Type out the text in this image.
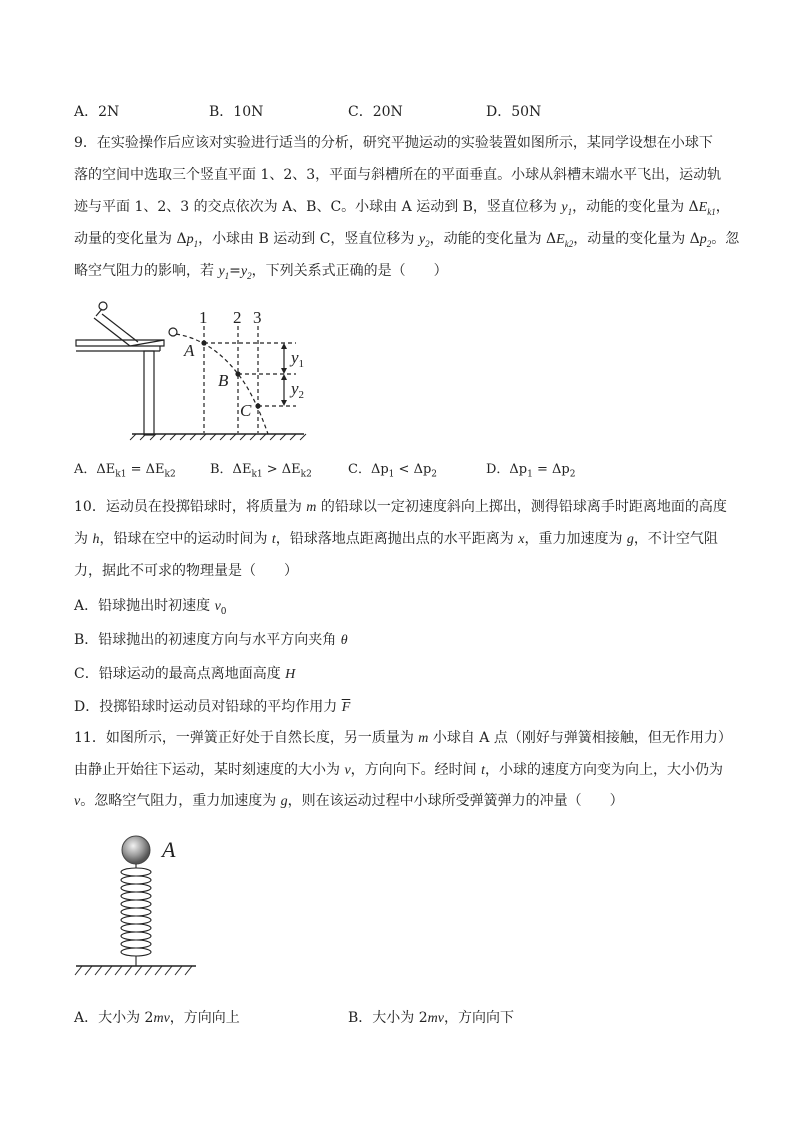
A．2N	B．10N	C．20N	D．50N
9．在实验操作后应该对实验进行适当的分析，研究平抛运动的实验装置如图所示，某同学设想在小球下
落的空间中选取三个竖直平面 1、2、3，平面与斜槽所在的平面垂直。小球从斜槽末端水平飞出，运动轨
迹与平面 1、2、3 的交点依次为 A、B、C。小球由 A 运动到 B，竖直位移为 $y_1$，动能的变化量为 $\Delta E_{k1}$，
动量的变化量为 $\Delta p_1$，小球由 B 运动到 C，竖直位移为 $y_2$，动能的变化量为 $\Delta E_{k2}$，动量的变化量为 $\Delta p_2$。忽
略空气阻力的影响，若 $y_1=y_2$，下列关系式正确的是（　　）
1 2 3
A
B
C
$y_1$
$y_2$
A．$\Delta E_{k1} = \Delta E_{k2}$	B．$\Delta E_{k1} > \Delta E_{k2}$	C．$\Delta p_1 < \Delta p_2$	D．$\Delta p_1 = \Delta p_2$
10．运动员在投掷铅球时，将质量为 m 的铅球以一定初速度斜向上掷出，测得铅球离手时距离地面的高度
为 h，铅球在空中的运动时间为 t，铅球落地点距离抛出点的水平距离为 x，重力加速度为 g，不计空气阻
力，据此不可求的物理量是（　　）
A．铅球抛出时初速度 $v_0$
B．铅球抛出的初速度方向与水平方向夹角 θ
C．铅球运动的最高点离地面高度 H
D．投掷铅球时运动员对铅球的平均作用力 $\overline{F}$
11．如图所示，一弹簧正好处于自然长度，另一质量为 m 小球自 A 点（刚好与弹簧相接触，但无作用力）
由静止开始往下运动，某时刻速度的大小为 v，方向向下。经时间 t，小球的速度方向变为向上，大小仍为
v。忽略空气阻力，重力加速度为 g，则在该运动过程中小球所受弹簧弹力的冲量（　　）
A
A．大小为 2mv，方向向上	B．大小为 2mv，方向向下
